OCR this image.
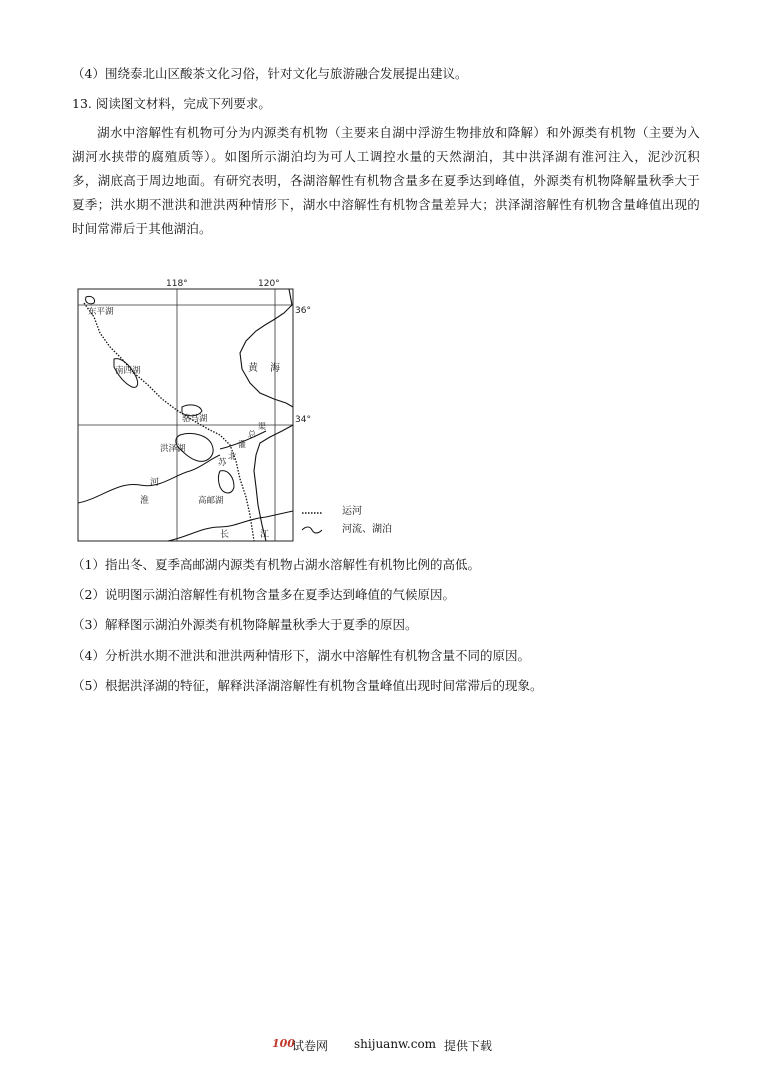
（4）围绕泰北山区酸茶文化习俗，针对文化与旅游融合发展提出建议。
13. 阅读图文材料，完成下列要求。
湖水中溶解性有机物可分为内源类有机物（主要来自湖中浮游生物排放和降解）和外源类有机物（主要为入湖河水挟带的腐殖质等）。如图所示湖泊均为可人工调控水量的天然湖泊，其中洪泽湖有淮河注入，泥沙沉积多，湖底高于周边地面。有研究表明，各湖溶解性有机物含量多在夏季达到峰值，外源类有机物降解量秋季大于夏季；洪水期不泄洪和泄洪两种情形下，湖水中溶解性有机物含量差异大；洪泽湖溶解性有机物含量峰值出现的时间常滞后于其他湖泊。
118°	120°
36°
34°
东平湖
南四湖
骆马湖
洪泽湖
黄 海
苏
北
灌
总
渠
淮
河
高邮湖
长	江
运河
河流、湖泊
（1）指出冬、夏季高邮湖内源类有机物占湖水溶解性有机物比例的高低。
（2）说明图示湖泊溶解性有机物含量多在夏季达到峰值的气候原因。
（3）解释图示湖泊外源类有机物降解量秋季大于夏季的原因。
（4）分析洪水期不泄洪和泄洪两种情形下，湖水中溶解性有机物含量不同的原因。
（5）根据洪泽湖的特征，解释洪泽湖溶解性有机物含量峰值出现时间常滞后的现象。
100
试卷网 shijuanw.com 提供下载
